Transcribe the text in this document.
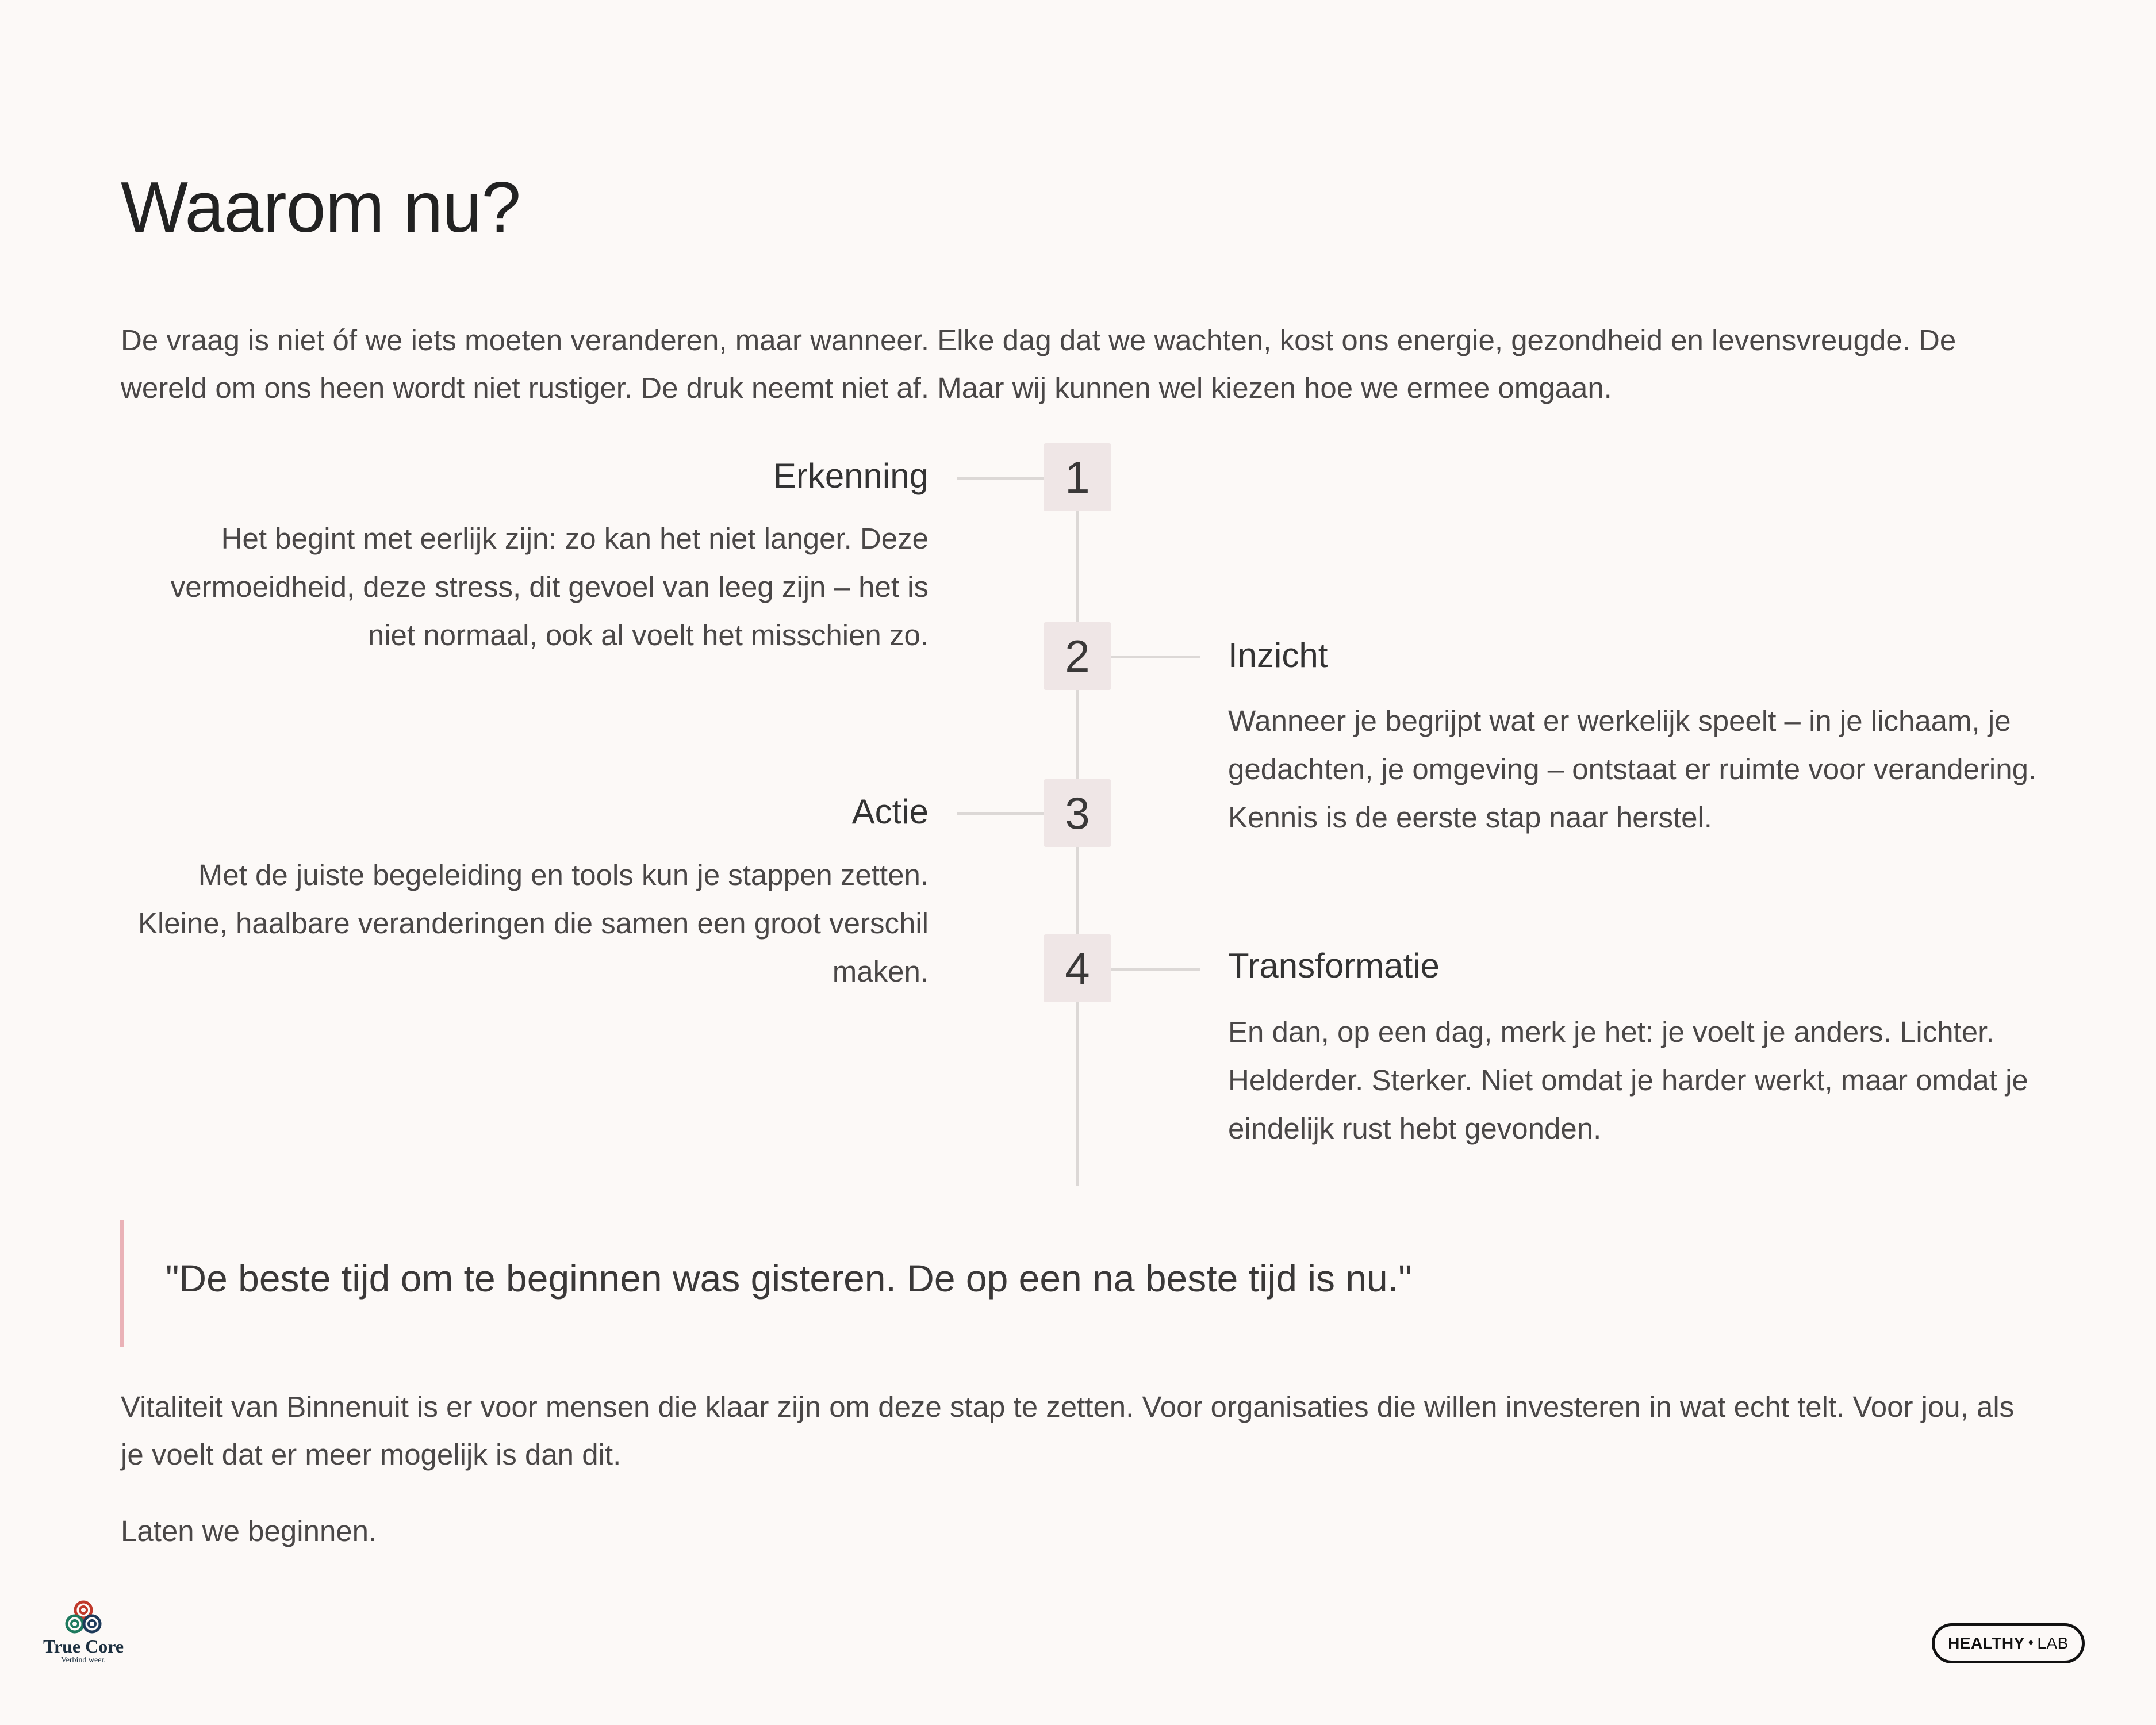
Waarom nu?

De vraag is niet óf we iets moeten veranderen, maar wanneer. Elke dag dat we wachten, kost ons energie, gezondheid en levensvreugde. De wereld om ons heen wordt niet rustiger. De druk neemt niet af. Maar wij kunnen wel kiezen hoe we ermee omgaan.

1
Erkenning
Het begint met eerlijk zijn: zo kan het niet langer. Deze vermoeidheid, deze stress, dit gevoel van leeg zijn – het is niet normaal, ook al voelt het misschien zo.	2	Inzicht
Wanneer je begrijpt wat er werkelijk speelt – in je lichaam, je gedachten, je omgeving – ontstaat er ruimte voor verandering. Kennis is de eerste stap naar herstel.
3
Actie
Met de juiste begeleiding en tools kun je stappen zetten. Kleine, haalbare veranderingen die samen een groot verschil maken.	4	Transformatie
En dan, op een dag, merk je het: je voelt je anders. Lichter. Helderder. Sterker. Niet omdat je harder werkt, maar omdat je eindelijk rust hebt gevonden.
"De beste tijd om te beginnen was gisteren. De op een na beste tijd is nu."

Vitaliteit van Binnenuit is er voor mensen die klaar zijn om deze stap te zetten. Voor organisaties die willen investeren in wat echt telt. Voor jou, als je voelt dat er meer mogelijk is dan dit.

Laten we beginnen.

True Core
Verbind weer.
HEALTHY • LAB
